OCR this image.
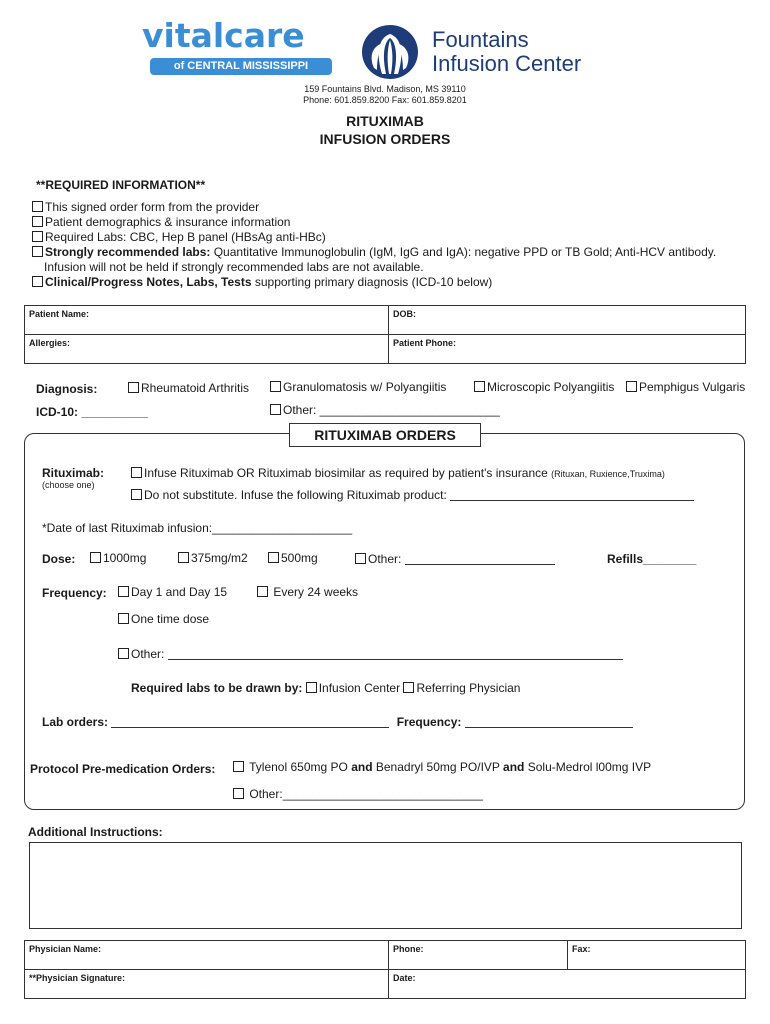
vitalcare
of CENTRAL MISSISSIPPI
Fountains
Infusion Center
159 Fountains Blvd. Madison, MS 39110
Phone: 601.859.8200 Fax: 601.859.8201
RITUXIMAB
INFUSION ORDERS
**REQUIRED INFORMATION**
This signed order form from the provider
Patient demographics & insurance information
Required Labs: CBC, Hep B panel (HBsAg anti-HBc)
Strongly recommended labs: Quantitative Immunoglobulin (IgM, IgG and IgA): negative PPD or TB Gold; Anti-HCV antibody.
Infusion will not be held if strongly recommended labs are not available.
Clinical/Progress Notes, Labs, Tests supporting primary diagnosis (ICD-10 below)
Patient Name:	DOB:
Allergies:	Patient Phone:
Diagnosis:	Rheumatoid Arthritis	Granulomatosis w/ Polyangiitis	Microscopic Polyangiitis	Pemphigus Vulgaris
ICD-10: __________	Other: ___________________________
RITUXIMAB ORDERS
Rituximab:
(choose one)
Infuse Rituximab OR Rituximab biosimilar as required by patient's insurance (Rituxan, Ruxience,Truxima)
Do not substitute. Infuse the following Rituximab product:
*Date of last Rituximab infusion:_____________________
Dose:	1000mg	375mg/m2	500mg	Other:	Refills________
Frequency:	Day 1 and Day 15	Every 24 weeks
One time dose
Other:
Required labs to be drawn by: Infusion Center Referring Physician
Lab orders:	Frequency:
Protocol Pre-medication Orders:	Tylenol 650mg PO and Benadryl 50mg PO/IVP and Solu-Medrol l00mg IVP
Other:______________________________
Additional Instructions:
Physician Name:	Phone:	Fax:
**Physician Signature:	Date:	
